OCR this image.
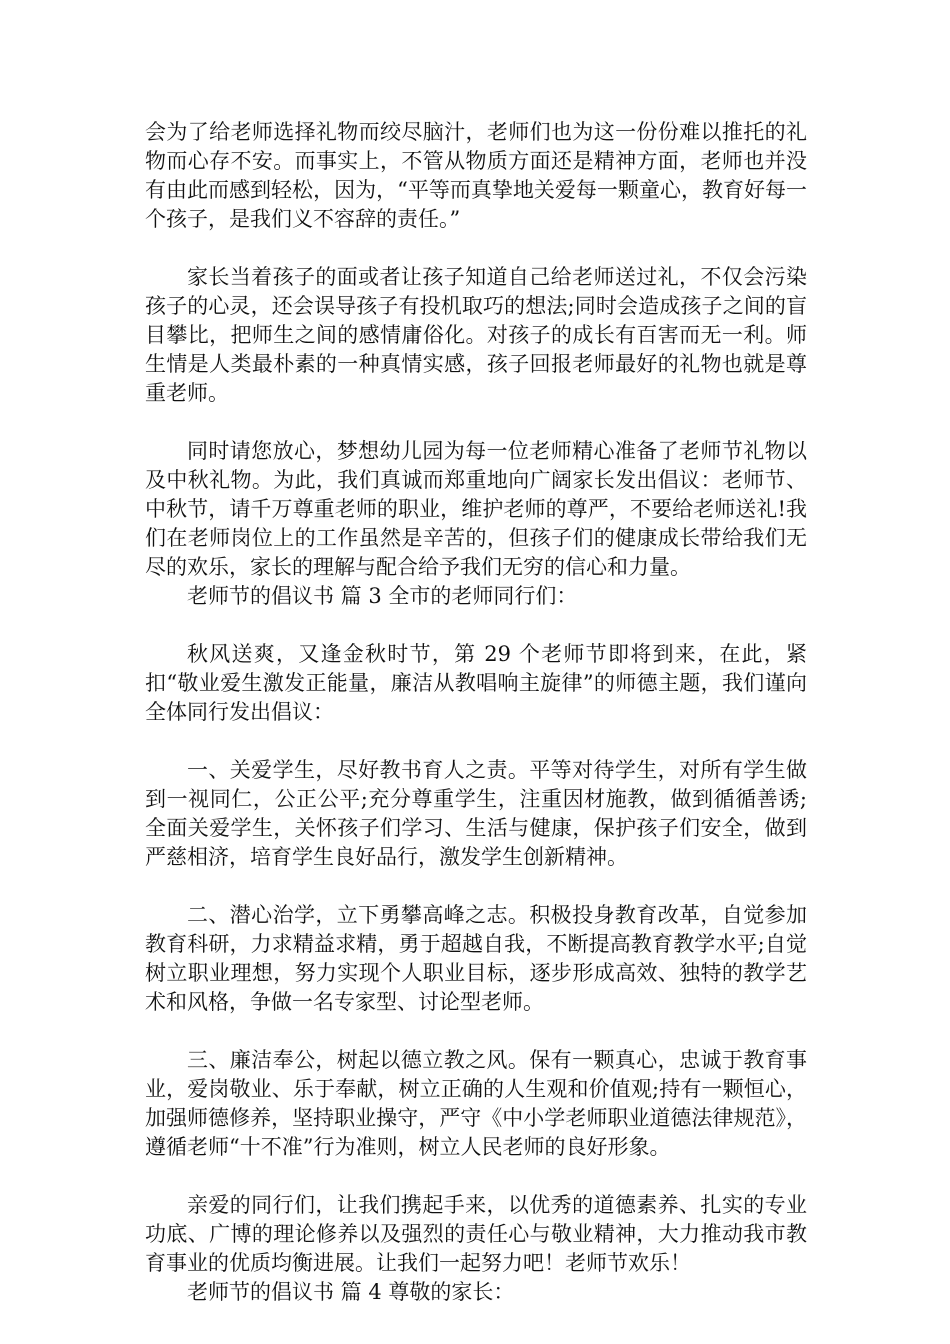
会为了给老师选择礼物而绞尽脑汁，老师们也为这一份份难以推托的礼物而心存不安。而事实上，不管从物质方面还是精神方面，老师也并没有由此而感到轻松，因为，“平等而真挚地关爱每一颗童心，教育好每一个孩子，是我们义不容辞的责任。”

家长当着孩子的面或者让孩子知道自己给老师送过礼，不仅会污染孩子的心灵，还会误导孩子有投机取巧的想法;同时会造成孩子之间的盲目攀比，把师生之间的感情庸俗化。对孩子的成长有百害而无一利。师生情是人类最朴素的一种真情实感，孩子回报老师最好的礼物也就是尊重老师。

同时请您放心，梦想幼儿园为每一位老师精心准备了老师节礼物以及中秋礼物。为此，我们真诚而郑重地向广阔家长发出倡议：老师节、中秋节，请千万尊重老师的职业，维护老师的尊严，不要给老师送礼!我们在老师岗位上的工作虽然是辛苦的，但孩子们的健康成长带给我们无尽的欢乐，家长的理解与配合给予我们无穷的信心和力量。

老师节的倡议书 篇 3 全市的老师同行们：

秋风送爽，又逢金秋时节，第 29 个老师节即将到来，在此，紧扣“敬业爱生激发正能量，廉洁从教唱响主旋律”的师德主题，我们谨向全体同行发出倡议：

一、关爱学生，尽好教书育人之责。平等对待学生，对所有学生做到一视同仁，公正公平;充分尊重学生，注重因材施教，做到循循善诱;全面关爱学生，关怀孩子们学习、生活与健康，保护孩子们安全，做到严慈相济，培育学生良好品行，激发学生创新精神。

二、潜心治学，立下勇攀高峰之志。积极投身教育改革，自觉参加教育科研，力求精益求精，勇于超越自我，不断提高教育教学水平;自觉树立职业理想，努力实现个人职业目标，逐步形成高效、独特的教学艺术和风格，争做一名专家型、讨论型老师。

三、廉洁奉公，树起以德立教之风。保有一颗真心，忠诚于教育事业，爱岗敬业、乐于奉献，树立正确的人生观和价值观;持有一颗恒心，加强师德修养，坚持职业操守，严守《中小学老师职业道德法律规范》，遵循老师“十不准”行为准则，树立人民老师的良好形象。

亲爱的同行们，让我们携起手来，以优秀的道德素养、扎实的专业功底、广博的理论修养以及强烈的责任心与敬业精神，大力推动我市教育事业的优质均衡进展。让我们一起努力吧！老师节欢乐！

老师节的倡议书 篇 4 尊敬的家长：
